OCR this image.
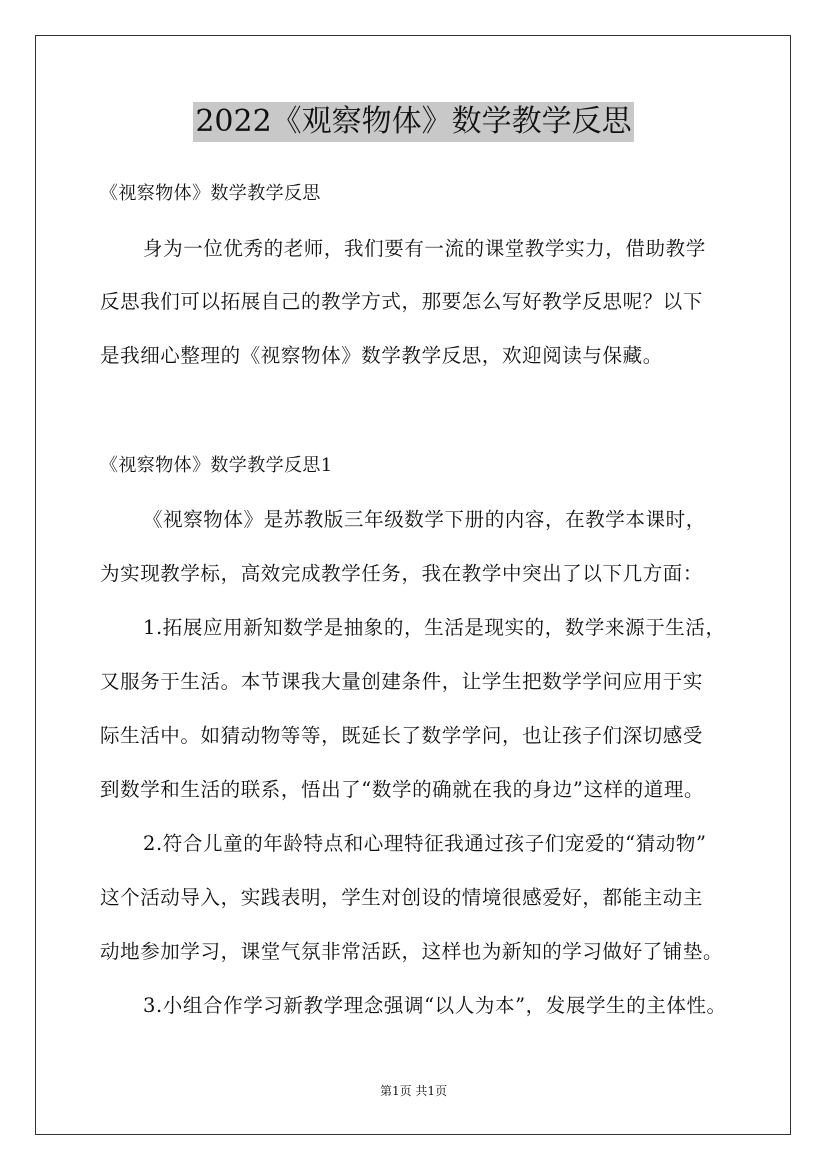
2022《观察物体》数学教学反思
《视察物体》数学教学反思
身为一位优秀的老师，我们要有一流的课堂教学实力，借助教学
反思我们可以拓展自己的教学方式，那要怎么写好教学反思呢？以下
是我细心整理的《视察物体》数学教学反思，欢迎阅读与保藏。
《视察物体》数学教学反思1
《视察物体》是苏教版三年级数学下册的内容，在教学本课时，
为实现教学标，高效完成教学任务，我在教学中突出了以下几方面：
1.拓展应用新知数学是抽象的，生活是现实的，数学来源于生活，
又服务于生活。本节课我大量创建条件，让学生把数学学问应用于实
际生活中。如猜动物等等，既延长了数学学问，也让孩子们深切感受
到数学和生活的联系，悟出了“数学的确就在我的身边”这样的道理。
2.符合儿童的年龄特点和心理特征我通过孩子们宠爱的“猜动物”
这个活动导入，实践表明，学生对创设的情境很感爱好，都能主动主
动地参加学习，课堂气氛非常活跃，这样也为新知的学习做好了铺垫。
3.小组合作学习新教学理念强调“以人为本”，发展学生的主体性。
第1页 共1页
